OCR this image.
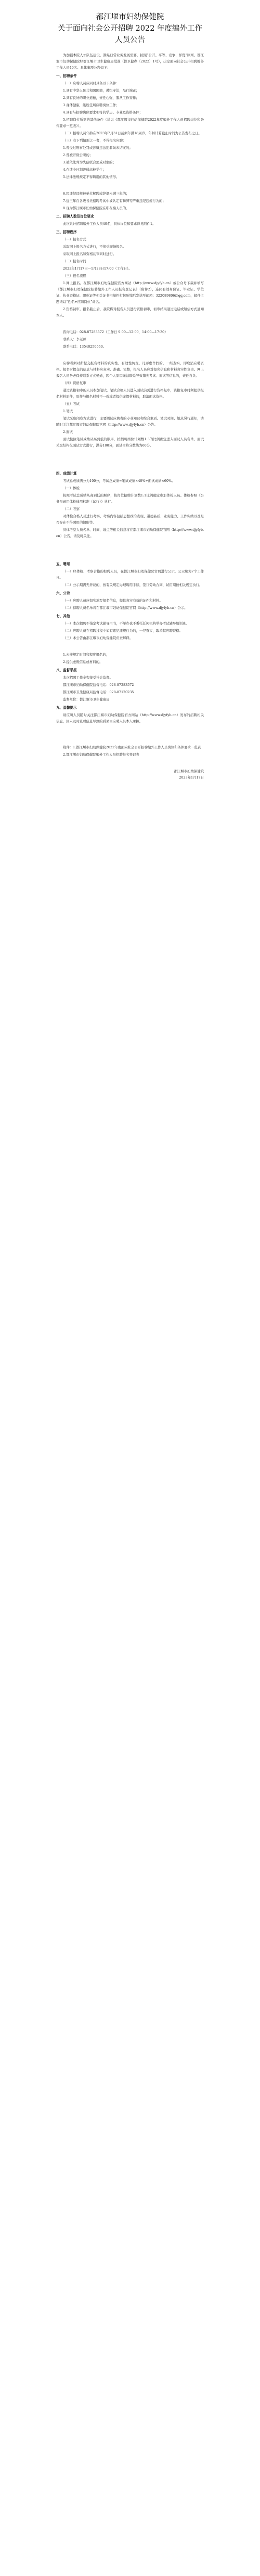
都江堰市妇幼保健院
关于面向社会公开招聘 2022 年度编外工作
人员公告

为加强本院人才队伍建设，满足日常业务发展需要，按照“公开、平等、竞争、择优”原则，都江堰市妇幼保健院经都江堰市卫生健康局批准（都卫健办〔2022〕1号），决定面向社会公开招聘编外工作人员40名。具体事项公告如下：

一、招聘条件

（一）应聘人员应同时具备以下条件：

1.具有中华人民共和国国籍，遵纪守法，品行端正；

2.具有良好的职业道德，责任心强，服从工作安排；

3.身体健康，能胜任所应聘岗位工作；

4.具有与招聘岗位要求相符的学历、专业及资格条件；

5.招聘岗位所需的其他条件（详见《都江堰市妇幼保健院2022年度编外工作人员招聘岗位和条件要求一览表》）。

（二）招聘人员年龄在2023年7月31日前须年满18周岁，年龄计算截止时间为公告发布之日。

（三）有下列情形之一者，不得报名应聘：

1.曾受过刑事处罚或涉嫌违法犯罪尚未结案的；

2.曾被开除公职的；

3.被依法列为失信联合惩戒对象的；

4.在读全日制普通高校学生；

5.法律法规规定不得聘用的其他情形。

6.因违纪违规被单位解聘或辞退未满三年的；

7.近三年在各级各类招聘考试中被认定有舞弊等严重违纪违规行为的；

8.现为都江堰市妇幼保健院在职在编人员的。

二、招聘人数及岗位要求

此次共计招聘编外工作人员40名，具体岗位和要求详见附件1。

三、招聘程序

（一）报名方式

采取网上报名方式进行，不接受现场报名。

采取网上报名和资格初审同时进行。

（二）报名时间

2023年1月17日—1月28日17:00（工作日）。

（三）报名流程

1.网上报名。在都江堰市妇幼保健院官方网站（http://www.djyfyb.cn）或公众号下载并填写《都江堰市妇幼保健院招聘编外工作人员报名登记表》（附件2），连同有效身份证、毕业证、学位证、执业资格证、职称证等相关证书扫描件打包压缩后发送至邮箱：322089806@qq.com，邮件主题请以“姓名+应聘岗位”命名。

2.资格初审。报名截止后，我院将对报名人员进行资格初审，初审结果通过电话或短信方式通知本人。

咨询电话：028-87283572（工作日 9:00—12:00，14:00—17:30）

联系人：李老师

联系电话：13540250660。

应聘者须对所提交报名材料的真实性、有效性负责。凡弄虚作假的，一经查实，即取消应聘资格。报名时提交的信息与材料应真实、准确、完整，报名人员应对报名信息和材料真实性负责。网上报名人员务必保持联系方式畅通，因个人原因无法联系导致错失考试、面试等信息的，责任自负。

（四）资格复审

通过资格初审的人员参加笔试，笔试合格人员进入面试前需进行资格复审，资格复审时须提供报名材料原件，原件与报名材料不一致或者提供虚假材料的，取消面试资格。

（五）考试

1.笔试

笔试采取闭卷方式进行，主要测试应聘者的专业知识和综合素质。笔试时间、地点另行通知，请随时关注都江堰市妇幼保健院官网（http://www.djyfyb.cn）公告。

2.面试

面试按照笔试成绩从高到低的顺序，按招聘岗位计划数1:3的比例确定进入面试人员名单。面试采取结构化面试方式进行，满分100分，面试合格分数线为60分。

四、成绩计算

考试总成绩满分为100分，考试总成绩=笔试成绩×40%+面试成绩×60%。

（一）体检

按照考试总成绩从高到低的顺序，按岗位招聘计划数1:1比例确定参加体检人员。体检参照《公务员录用体检通用标准（试行）》执行。

（二）考察

对体检合格人员进行考察，考察内容包括思想政治表现、道德品质、业务能力、工作实绩以及是否存在不得聘用的情形等。

具体考察人员名单、时间、地点等相关信息将在都江堰市妇幼保健院官网（http://www.djyfyb.cn）公告，请及时关注。

五、聘用

（一）经体检、考察合格的拟聘人员，在都江堰市妇幼保健院官网进行公示，公示期为7个工作日。

（二）公示期满无异议的，按有关规定办理聘用手续，签订劳动合同，试用期按相关规定执行。

六、公示

（一）应聘人员应如实填写报名信息，提供真实有效的证件和材料。

（二）拟聘人员名单将在都江堰市妇幼保健院官网（http://www.djyfyb.cn）公示。

七、其他

（一）本次招聘不指定考试辅导用书，不举办也不委托任何机构举办考试辅导培训班。

（二）应聘人员在招聘过程中如有违纪违规行为的，一经查实，取消其应聘资格。

（三）本公告由都江堰市妇幼保健院负责解释。

1.未按规定时间和程序报名的；

2.提供虚假信息或材料的。

八、监督举报

本次招聘工作全程接受社会监督。

都江堰市妇幼保健院监督电话：028-87283572

都江堰市卫生健康局监督电话：028-87120235

监督单位：都江堰市卫生健康局

九、温馨提示

请应聘人员随时关注都江堰市妇幼保健院官方网站（http://www.djyfyb.cn）发布的招聘相关信息，因未及时查看信息导致的后果由应聘人员本人承担。

附件：1.都江堰市妇幼保健院2022年度面向社会公开招聘编外工作人员岗位和条件要求一览表

2.都江堰市妇幼保健院编外工作人员招聘报名登记表

都江堰市妇幼保健院

2023年1月17日
